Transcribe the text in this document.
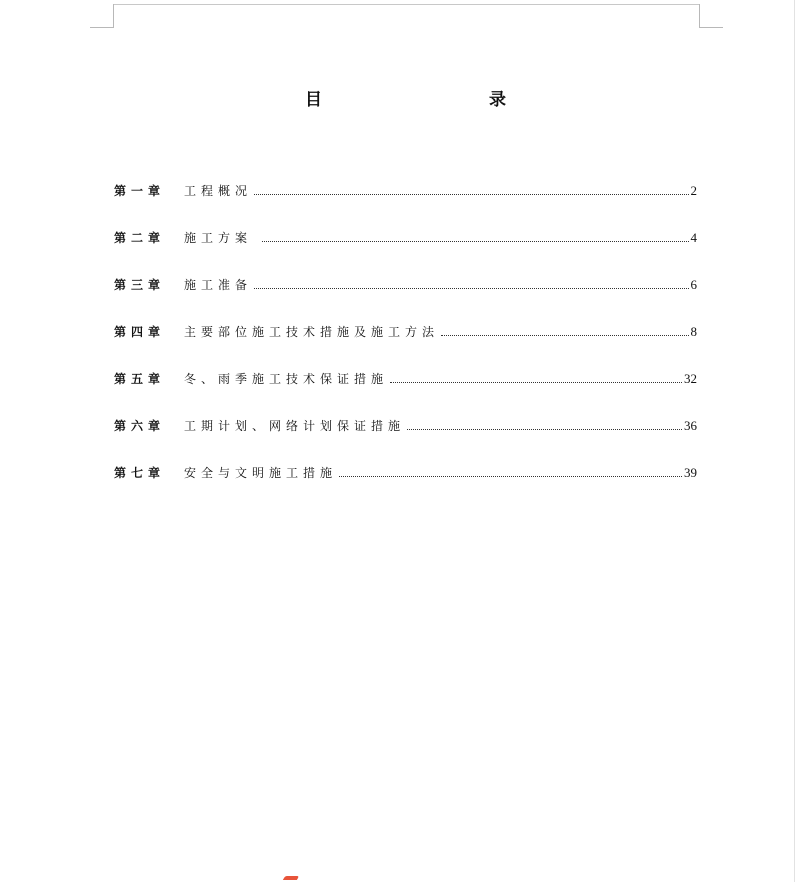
目	录
第一章	工程概况	2
第二章	施工方案	4
第三章	施工准备	6
第四章	主要部位施工技术措施及施工方法	8
第五章	冬、雨季施工技术保证措施	32
第六章	工期计划、网络计划保证措施	36
第七章	安全与文明施工措施	39
